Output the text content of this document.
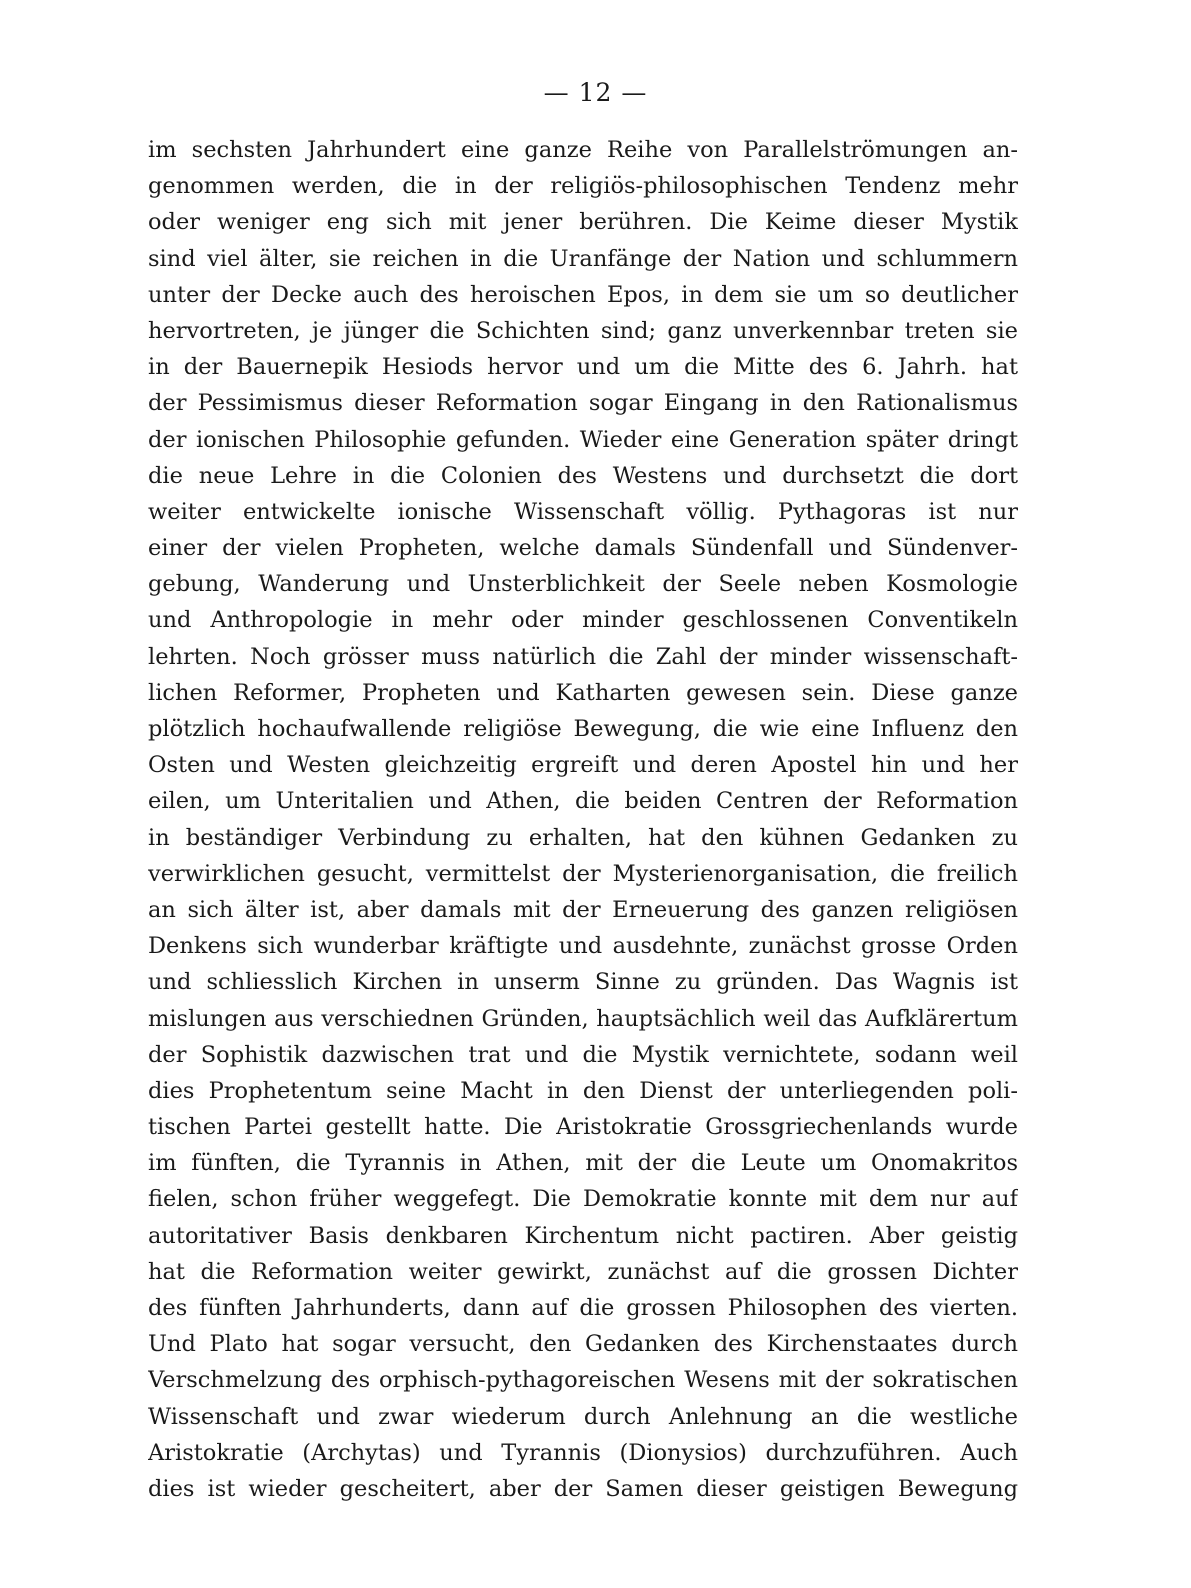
— 12 —
im sechsten Jahrhundert eine ganze Reihe von Parallelströmungen an-
genommen werden, die in der religiös-philosophischen Tendenz mehr
oder weniger eng sich mit jener berühren. Die Keime dieser Mystik
sind viel älter, sie reichen in die Uranfänge der Nation und schlummern
unter der Decke auch des heroischen Epos, in dem sie um so deutlicher
hervortreten, je jünger die Schichten sind; ganz unverkennbar treten sie
in der Bauernepik Hesiods hervor und um die Mitte des 6. Jahrh. hat
der Pessimismus dieser Reformation sogar Eingang in den Rationalismus
der ionischen Philosophie gefunden. Wieder eine Generation später dringt
die neue Lehre in die Colonien des Westens und durchsetzt die dort
weiter entwickelte ionische Wissenschaft völlig. Pythagoras ist nur
einer der vielen Propheten, welche damals Sündenfall und Sündenver-
gebung, Wanderung und Unsterblichkeit der Seele neben Kosmologie
und Anthropologie in mehr oder minder geschlossenen Conventikeln
lehrten. Noch grösser muss natürlich die Zahl der minder wissenschaft-
lichen Reformer, Propheten und Katharten gewesen sein. Diese ganze
plötzlich hochaufwallende religiöse Bewegung, die wie eine Influenz den
Osten und Westen gleichzeitig ergreift und deren Apostel hin und her
eilen, um Unteritalien und Athen, die beiden Centren der Reformation
in beständiger Verbindung zu erhalten, hat den kühnen Gedanken zu
verwirklichen gesucht, vermittelst der Mysterienorganisation, die freilich
an sich älter ist, aber damals mit der Erneuerung des ganzen religiösen
Denkens sich wunderbar kräftigte und ausdehnte, zunächst grosse Orden
und schliesslich Kirchen in unserm Sinne zu gründen. Das Wagnis ist
mislungen aus verschiednen Gründen, hauptsächlich weil das Aufklärertum
der Sophistik dazwischen trat und die Mystik vernichtete, sodann weil
dies Prophetentum seine Macht in den Dienst der unterliegenden poli-
tischen Partei gestellt hatte. Die Aristokratie Grossgriechenlands wurde
im fünften, die Tyrannis in Athen, mit der die Leute um Onomakritos
fielen, schon früher weggefegt. Die Demokratie konnte mit dem nur auf
autoritativer Basis denkbaren Kirchentum nicht pactiren. Aber geistig
hat die Reformation weiter gewirkt, zunächst auf die grossen Dichter
des fünften Jahrhunderts, dann auf die grossen Philosophen des vierten.
Und Plato hat sogar versucht, den Gedanken des Kirchenstaates durch
Verschmelzung des orphisch-pythagoreischen Wesens mit der sokratischen
Wissenschaft und zwar wiederum durch Anlehnung an die westliche
Aristokratie (Archytas) und Tyrannis (Dionysios) durchzuführen. Auch
dies ist wieder gescheitert, aber der Samen dieser geistigen Bewegung
